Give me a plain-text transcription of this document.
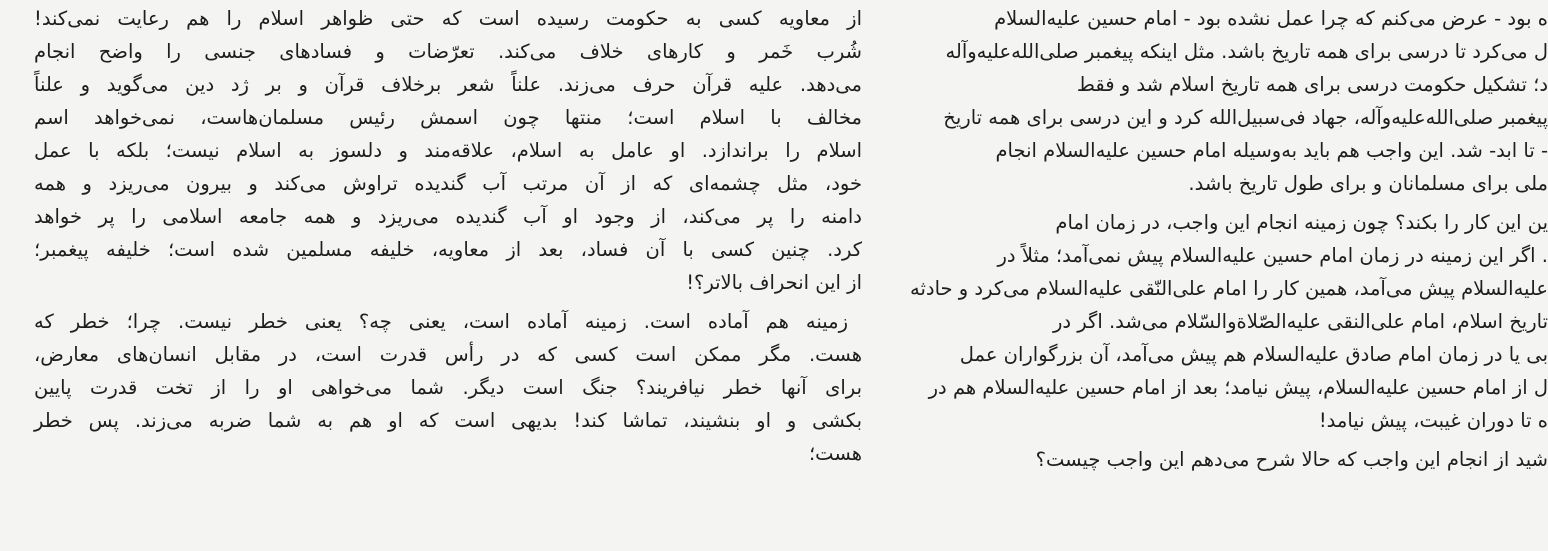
از معاویه کسی به حکومت رسیده است که حتی ظواهر اسلام را هم رعایت نمی‌کند!
شُرب خَمر و کارهای خلاف می‌کند. تعرّضات و فسادهای جنسی را واضح انجام
می‌دهد. علیه قرآن حرف می‌زند. علناً شعر برخلاف قرآن و بر ژد دین می‌گوید و علناً
مخالف با اسلام است؛ منتها چون اسمش رئیس مسلمان‌هاست، نمی‌خواهد اسم
اسلام را براندازد. او عامل به اسلام، علاقه‌مند و دلسوز به اسلام نیست؛ بلکه با عمل
خود، مثل چشمه‌ای که از آن مرتب آب گندیده تراوش می‌کند و بیرون می‌ریزد و همه
دامنه را پر می‌کند، از وجود او آب گندیده می‌ریزد و همه جامعه اسلامی را پر خواهد
کرد. چنین کسی با آن فساد، بعد از معاویه، خلیفه مسلمین شده است؛ خلیفه پیغمبر؛
از این انحراف بالاتر؟!
زمینه هم آماده است. زمینه آماده است، یعنی چه؟ یعنی خطر نیست. چرا؛ خطر که
هست. مگر ممکن است کسی که در رأس قدرت است، در مقابل انسان‌های معارض،
برای آنها خطر نیافریند؟ جنگ است دیگر. شما می‌خواهی او را از تخت قدرت پایین
بکشی و او بنشیند، تماشا کند! بدیهی است که او هم به شما ضربه می‌زند. پس خطر
هست؛
ه بود - عرض می‌کنم که چرا عمل نشده بود - امام حسین علیه‌السلام
ل می‌کرد تا درسی برای همه تاریخ باشد. مثل اینکه پیغمبر صلی‌الله‌علیه‌وآله
د؛ تشکیل حکومت درسی برای همه تاریخ اسلام شد و فقط
پیغمبر صلی‌الله‌علیه‌وآله، جهاد فی‌سبیل‌الله کرد و این درسی برای همه تاریخ
- تا ابد- شد. این واجب هم باید به‌وسیله امام حسین علیه‌السلام انجام
ملی برای مسلمانان و برای طول تاریخ باشد.
ین این کار را بکند؟ چون زمینه انجام این واجب، در زمان امام
. اگر این زمینه در زمان امام حسین علیه‌السلام پیش نمی‌آمد؛ مثلاً در
علیه‌السلام پیش می‌آمد، همین کار را امام علی‌النّقی علیه‌السلام می‌کرد و حادثه
تاریخ اسلام، امام علی‌النقی علیه‌الصّلاةوالسّلام می‌شد. اگر در
بی یا در زمان امام صادق علیه‌السلام هم پیش می‌آمد، آن بزرگواران عمل
ل از امام حسین علیه‌السلام، پیش نیامد؛ بعد از امام حسین علیه‌السلام هم در
ه تا دوران غیبت، پیش نیامد!
شید از انجام این واجب که حالا شرح می‌دهم این واجب چیست؟
